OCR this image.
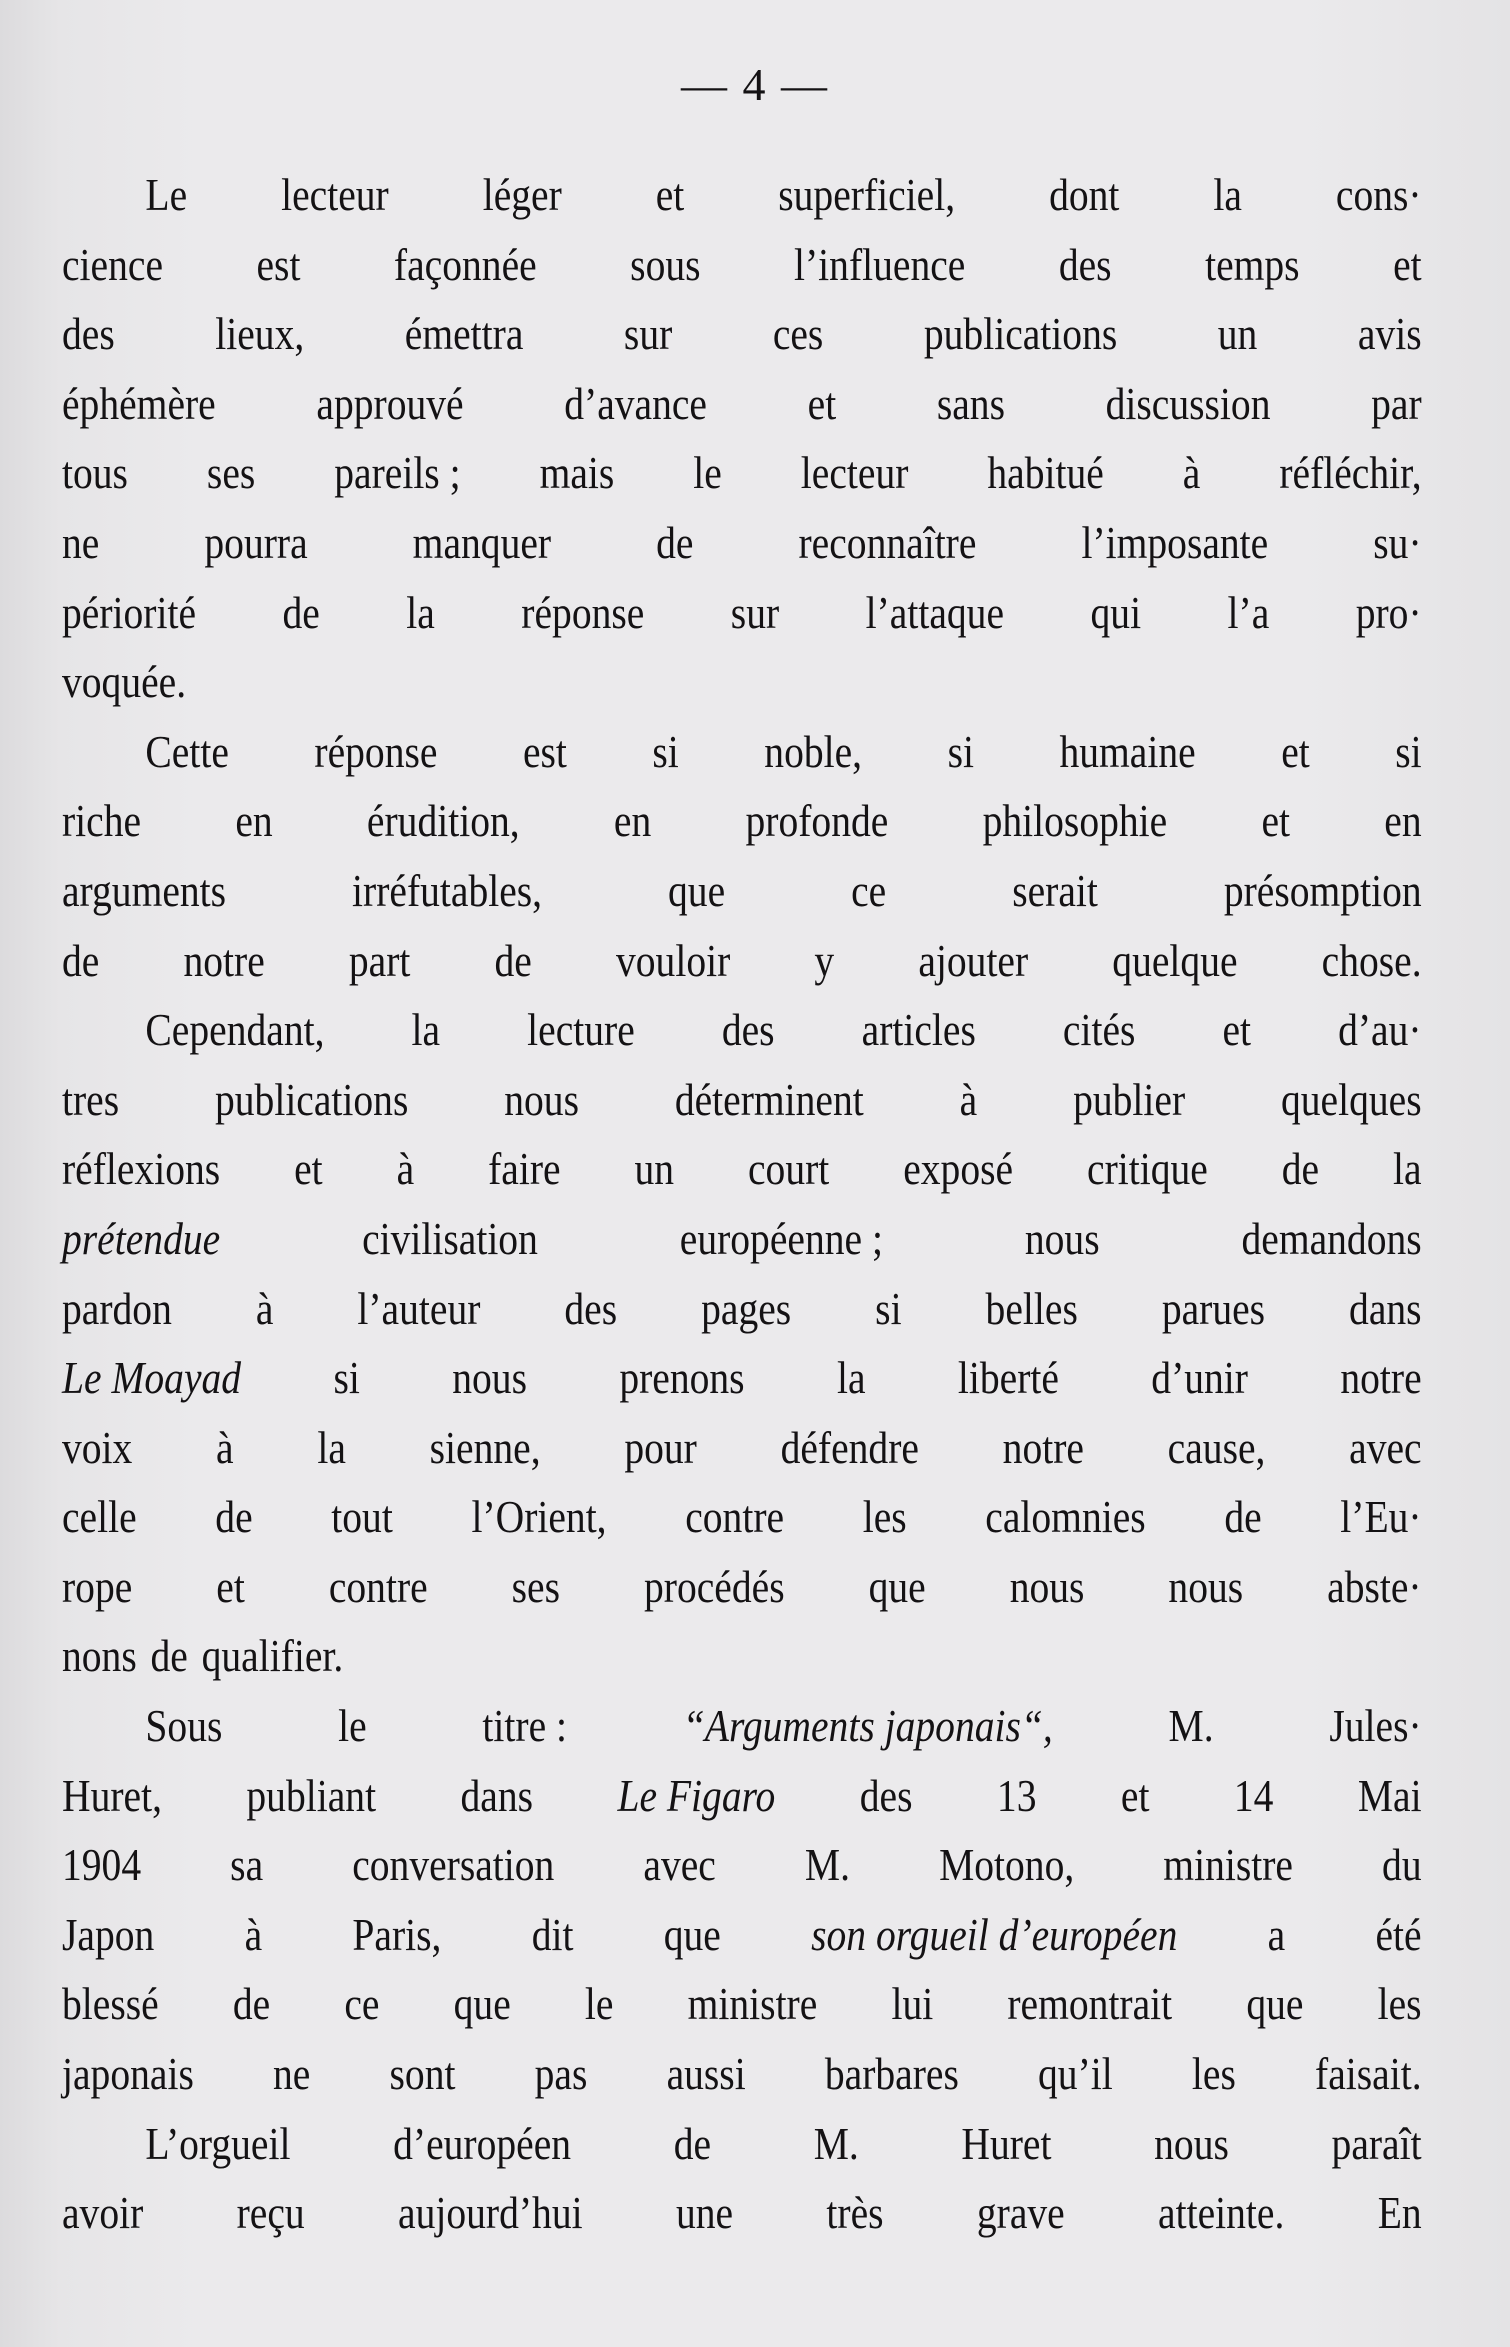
— 4 —
Le lecteur léger et superficiel, dont la cons·
cience est façonnée sous l’influence des temps et
des lieux, émettra sur ces publications un avis
éphémère approuvé d’avance et sans discussion par
tous ses pareils ; mais le lecteur habitué à réfléchir,
ne pourra manquer de reconnaître l’imposante su·
périorité de la réponse sur l’attaque qui l’a pro·
voquée.
Cette réponse est si noble, si humaine et si
riche en érudition, en profonde philosophie et en
arguments	irréfutables,	que	ce	serait	présomption
de notre part de vouloir y ajouter quelque chose.
Cependant, la lecture des articles cités et d’au·
tres publications nous déterminent à publier quelques
réflexions et à faire un court exposé critique de la
prétendue	civilisation	européenne ;	nous	demandons
pardon à l’auteur des pages si belles parues dans
Le Moayad si nous prenons la liberté d’unir notre
voix à la sienne, pour défendre notre cause, avec
celle de tout l’Orient, contre les calomnies de l’Eu·
rope et contre ses procédés que nous nous abste·
nons de qualifier.
Sous	le	titre :	“Arguments japonais“,	M.	Jules·
Huret, publiant dans Le Figaro des 13 et 14 Mai
1904 sa conversation avec M. Motono, ministre du
Japon à Paris, dit que son orgueil d’européen a été
blessé de ce que le ministre lui remontrait que les
japonais ne sont pas aussi barbares qu’il les faisait.
L’orgueil d’européen de M. Huret nous paraît
avoir reçu aujourd’hui une très grave atteinte. En
